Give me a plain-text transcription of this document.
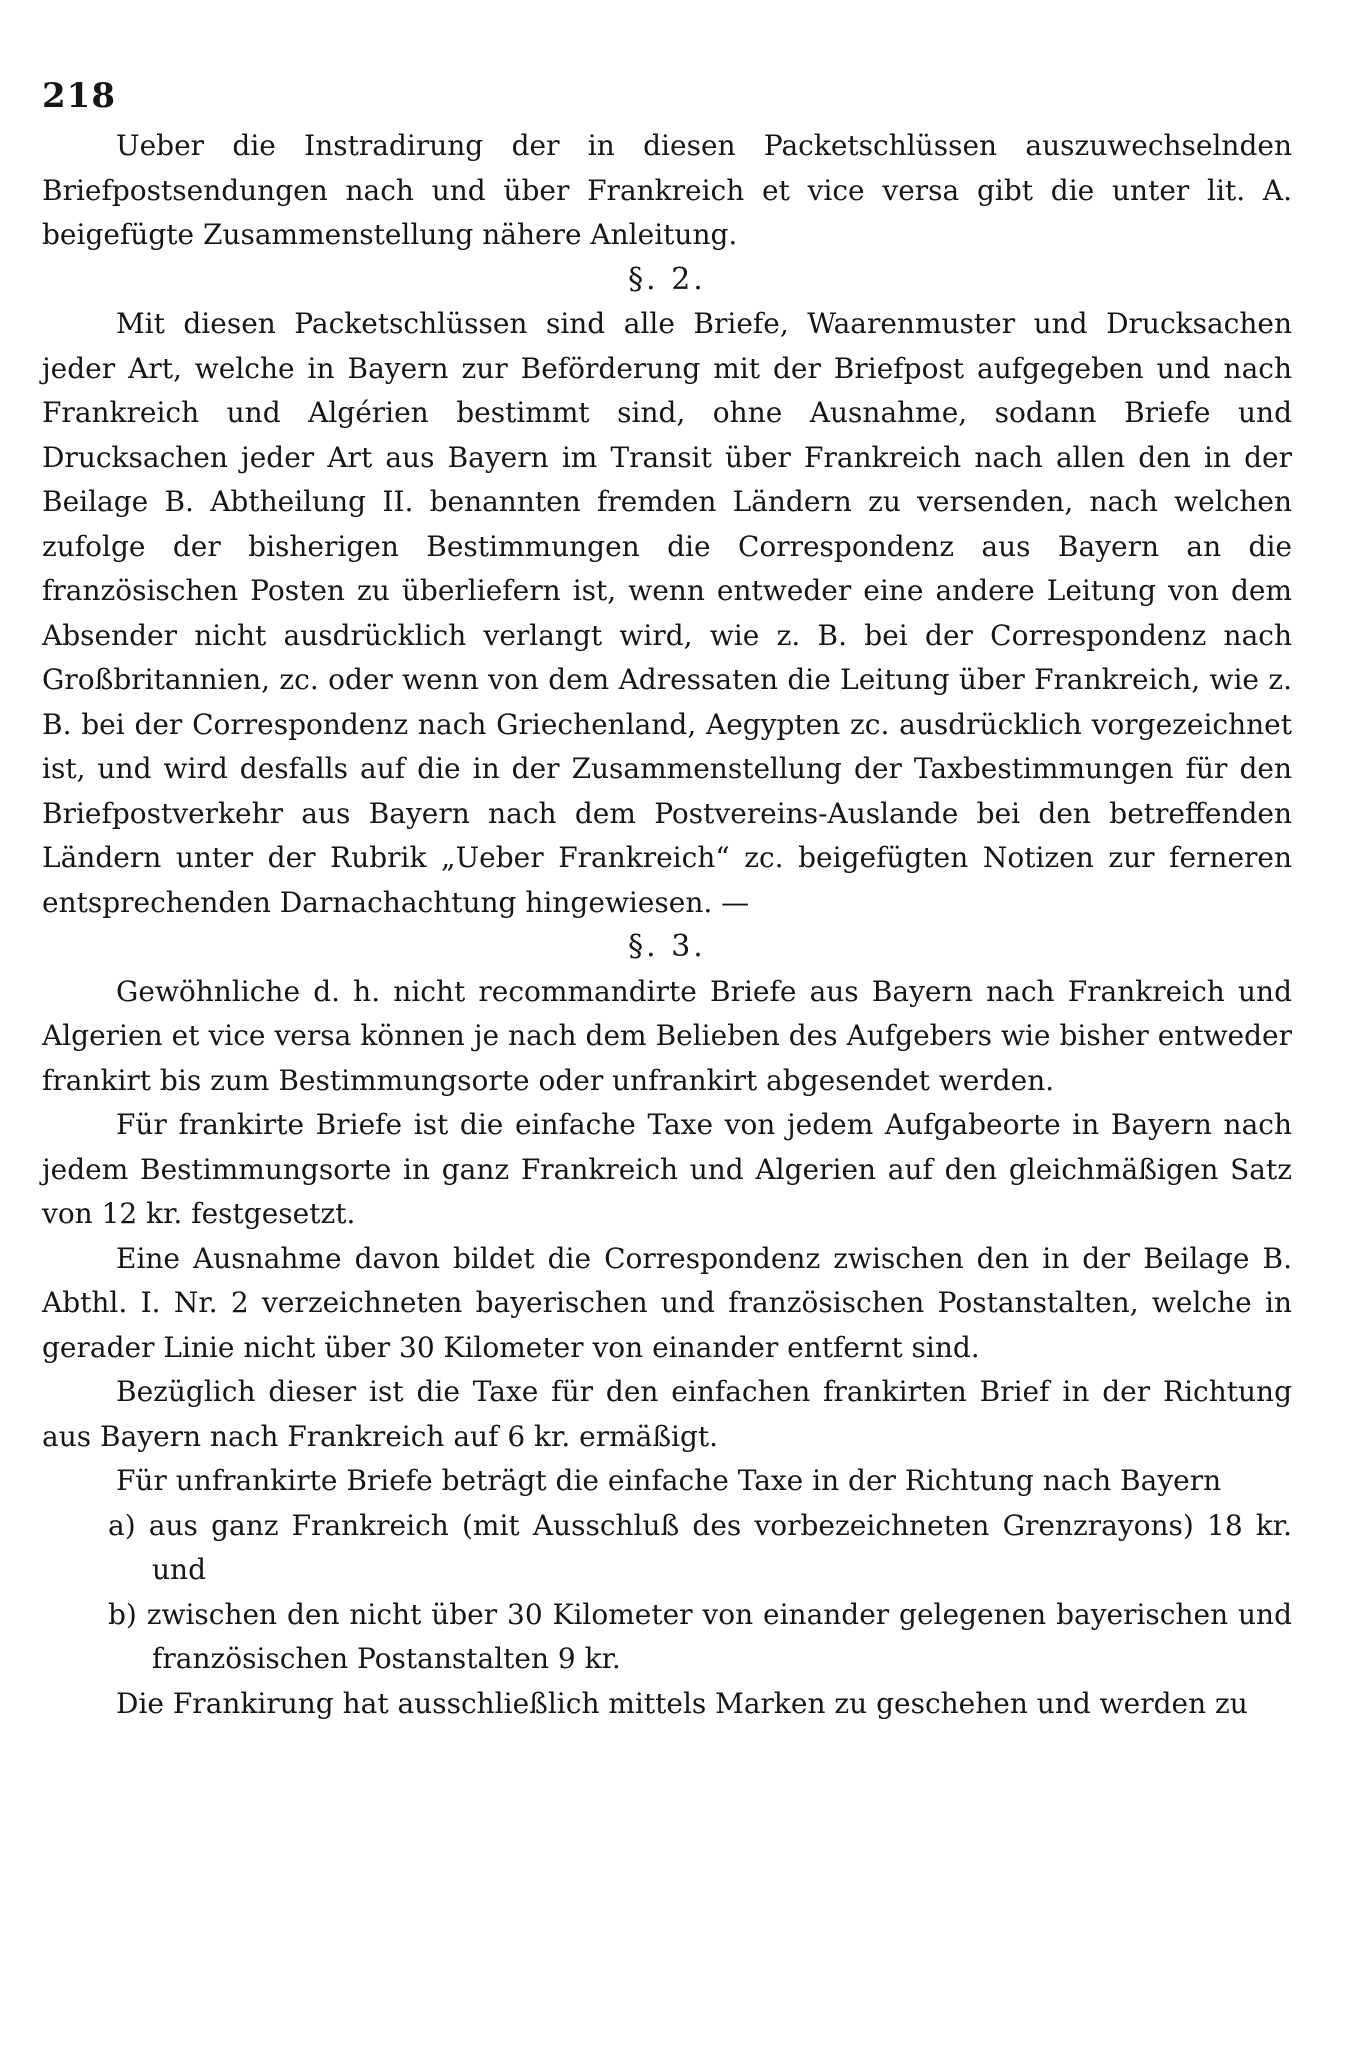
218

Ueber die Instradirung der in diesen Packetschlüssen auszuwechselnden Briefpostsendungen nach und über Frankreich et vice versa gibt die unter lit. A. beigefügte Zusammenstellung nähere Anleitung.

§. 2.

Mit diesen Packetschlüssen sind alle Briefe, Waarenmuster und Drucksachen jeder Art, welche in Bayern zur Beförderung mit der Briefpost aufgegeben und nach Frankreich und Algérien bestimmt sind, ohne Ausnahme, sodann Briefe und Drucksachen jeder Art aus Bayern im Transit über Frankreich nach allen den in der Beilage B. Abtheilung II. benannten fremden Ländern zu versenden, nach welchen zufolge der bisherigen Bestimmungen die Correspondenz aus Bayern an die französischen Posten zu überliefern ist, wenn entweder eine andere Leitung von dem Absender nicht ausdrücklich verlangt wird, wie z. B. bei der Correspondenz nach Großbritannien, zc. oder wenn von dem Adressaten die Leitung über Frankreich, wie z. B. bei der Correspondenz nach Griechenland, Aegypten zc. ausdrücklich vorgezeichnet ist, und wird desfalls auf die in der Zusammenstellung der Taxbestimmungen für den Briefpostverkehr aus Bayern nach dem Postvereins-Auslande bei den betreffenden Ländern unter der Rubrik „Ueber Frankreich“ zc. beigefügten Notizen zur ferneren entsprechenden Darnachachtung hingewiesen. —

§. 3.

Gewöhnliche d. h. nicht recommandirte Briefe aus Bayern nach Frankreich und Algerien et vice versa können je nach dem Belieben des Aufgebers wie bisher entweder frankirt bis zum Bestimmungsorte oder unfrankirt abgesendet werden.

Für frankirte Briefe ist die einfache Taxe von jedem Aufgabeorte in Bayern nach jedem Bestimmungsorte in ganz Frankreich und Algerien auf den gleichmäßigen Satz von 12 kr. festgesetzt.

Eine Ausnahme davon bildet die Correspondenz zwischen den in der Beilage B. Abthl. I. Nr. 2 verzeichneten bayerischen und französischen Postanstalten, welche in gerader Linie nicht über 30 Kilometer von einander entfernt sind.

Bezüglich dieser ist die Taxe für den einfachen frankirten Brief in der Richtung aus Bayern nach Frankreich auf 6 kr. ermäßigt.

Für unfrankirte Briefe beträgt die einfache Taxe in der Richtung nach Bayern

a) aus ganz Frankreich (mit Ausschluß des vorbezeichneten Grenzrayons) 18 kr. und

b) zwischen den nicht über 30 Kilometer von einander gelegenen bayerischen und französischen Postanstalten 9 kr.

Die Frankirung hat ausschließlich mittels Marken zu geschehen und werden zu
